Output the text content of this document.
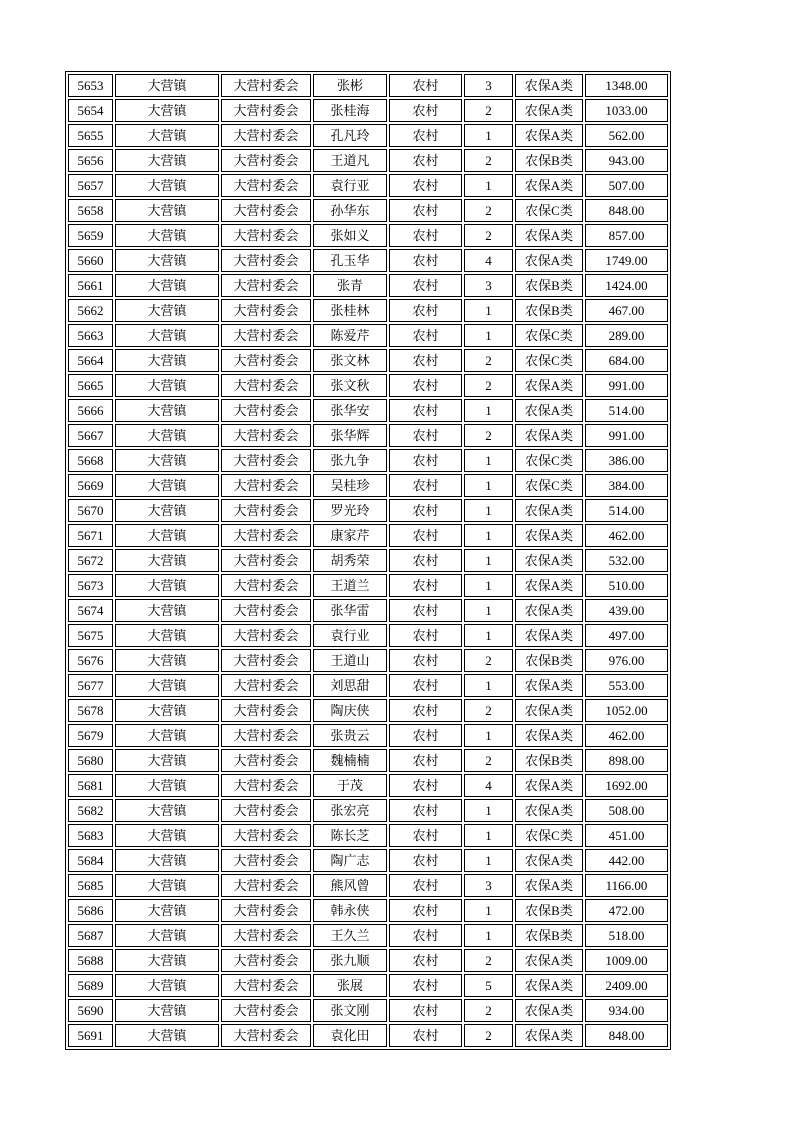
5653	大营镇	大营村委会	张彬	农村	3	农保A类	1348.00
5654	大营镇	大营村委会	张桂海	农村	2	农保A类	1033.00
5655	大营镇	大营村委会	孔凡玲	农村	1	农保A类	562.00
5656	大营镇	大营村委会	王道凡	农村	2	农保B类	943.00
5657	大营镇	大营村委会	袁行亚	农村	1	农保A类	507.00
5658	大营镇	大营村委会	孙华东	农村	2	农保C类	848.00
5659	大营镇	大营村委会	张如义	农村	2	农保A类	857.00
5660	大营镇	大营村委会	孔玉华	农村	4	农保A类	1749.00
5661	大营镇	大营村委会	张青	农村	3	农保B类	1424.00
5662	大营镇	大营村委会	张桂林	农村	1	农保B类	467.00
5663	大营镇	大营村委会	陈爱芹	农村	1	农保C类	289.00
5664	大营镇	大营村委会	张文林	农村	2	农保C类	684.00
5665	大营镇	大营村委会	张文秋	农村	2	农保A类	991.00
5666	大营镇	大营村委会	张华安	农村	1	农保A类	514.00
5667	大营镇	大营村委会	张华辉	农村	2	农保A类	991.00
5668	大营镇	大营村委会	张九争	农村	1	农保C类	386.00
5669	大营镇	大营村委会	吴桂珍	农村	1	农保C类	384.00
5670	大营镇	大营村委会	罗光玲	农村	1	农保A类	514.00
5671	大营镇	大营村委会	康家芹	农村	1	农保A类	462.00
5672	大营镇	大营村委会	胡秀荣	农村	1	农保A类	532.00
5673	大营镇	大营村委会	王道兰	农村	1	农保A类	510.00
5674	大营镇	大营村委会	张华雷	农村	1	农保A类	439.00
5675	大营镇	大营村委会	袁行业	农村	1	农保A类	497.00
5676	大营镇	大营村委会	王道山	农村	2	农保B类	976.00
5677	大营镇	大营村委会	刘思甜	农村	1	农保A类	553.00
5678	大营镇	大营村委会	陶庆侠	农村	2	农保A类	1052.00
5679	大营镇	大营村委会	张贵云	农村	1	农保A类	462.00
5680	大营镇	大营村委会	魏楠楠	农村	2	农保B类	898.00
5681	大营镇	大营村委会	于茂	农村	4	农保A类	1692.00
5682	大营镇	大营村委会	张宏亮	农村	1	农保A类	508.00
5683	大营镇	大营村委会	陈长芝	农村	1	农保C类	451.00
5684	大营镇	大营村委会	陶广志	农村	1	农保A类	442.00
5685	大营镇	大营村委会	熊风曾	农村	3	农保A类	1166.00
5686	大营镇	大营村委会	韩永侠	农村	1	农保B类	472.00
5687	大营镇	大营村委会	王久兰	农村	1	农保B类	518.00
5688	大营镇	大营村委会	张九顺	农村	2	农保A类	1009.00
5689	大营镇	大营村委会	张展	农村	5	农保A类	2409.00
5690	大营镇	大营村委会	张文刚	农村	2	农保A类	934.00
5691	大营镇	大营村委会	袁化田	农村	2	农保A类	848.00
